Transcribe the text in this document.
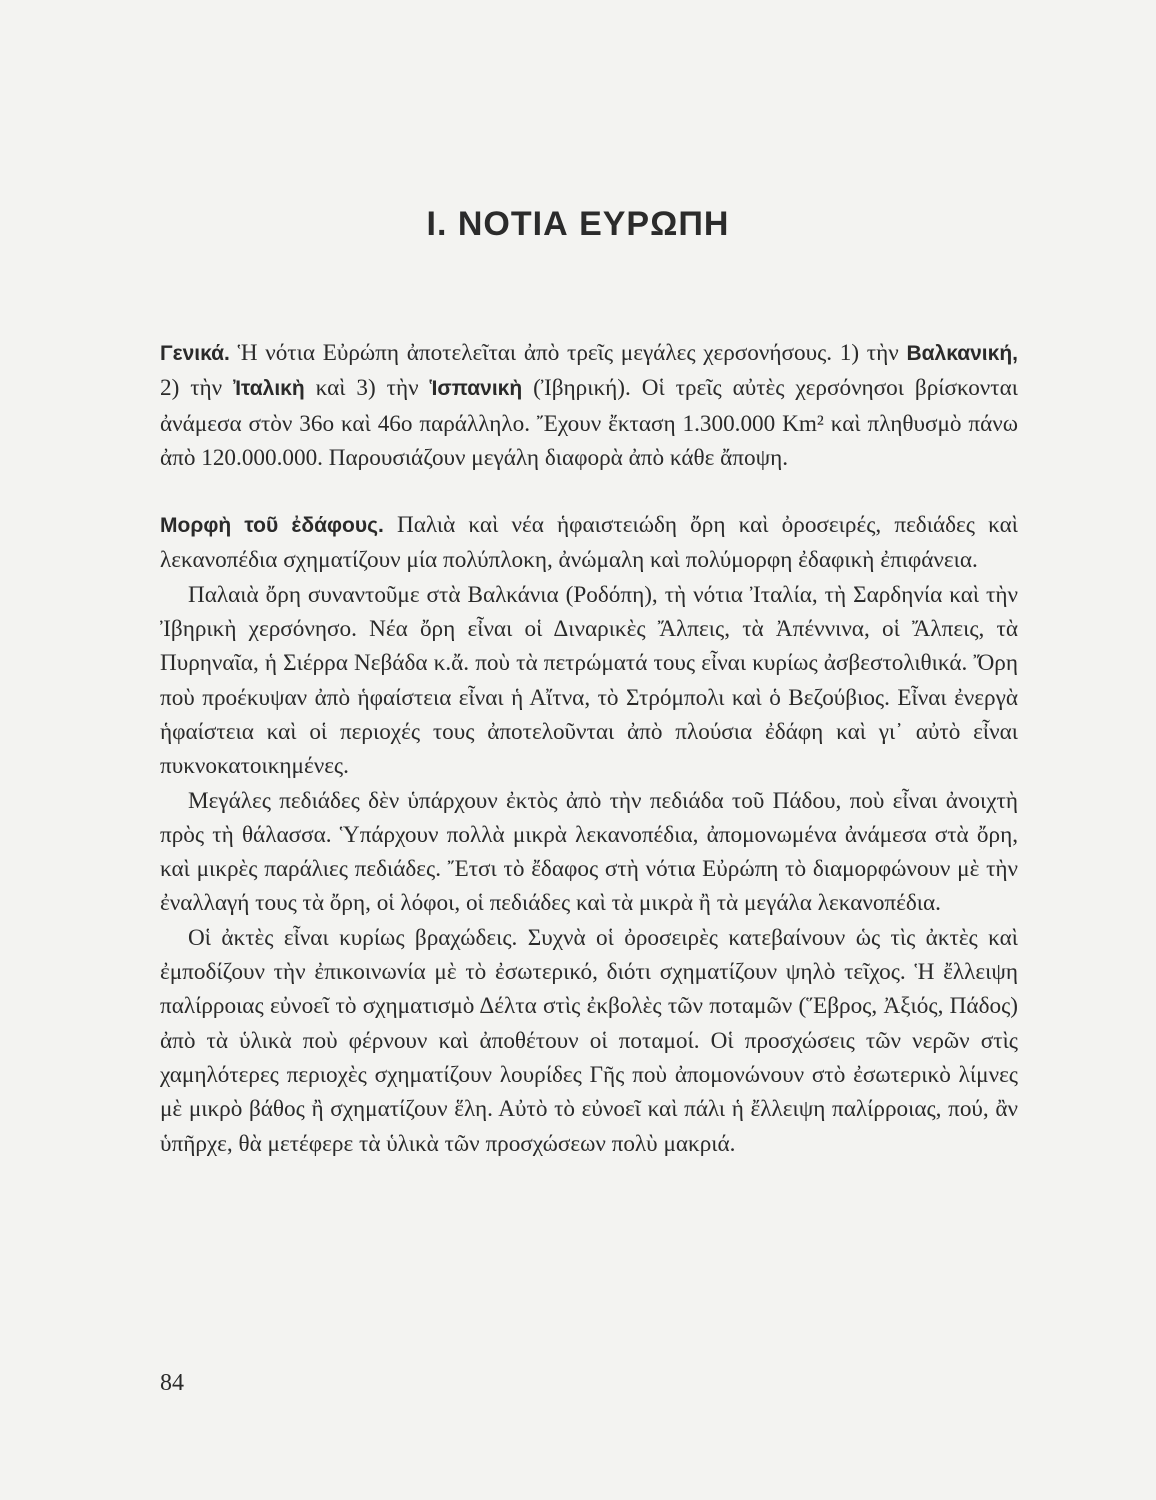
I. ΝΟΤΙΑ ΕΥΡΩΠΗ

Γενικά. Ἡ νότια Εὐρώπη ἀποτελεῖται ἀπὸ τρεῖς μεγάλες χερσονήσους. 1) τὴν Βαλκανική, 2) τὴν Ἰταλικὴ καὶ 3) τὴν Ἱσπανικὴ (Ἰβηρική). Οἱ τρεῖς αὐτὲς χερσόνησοι βρίσκονται ἀνάμεσα στὸν 36ο καὶ 46ο παράλληλο. Ἔχουν ἔκταση 1.300.000 Km² καὶ πληθυσμὸ πάνω ἀπὸ 120.000.000. Παρουσιάζουν μεγάλη διαφορὰ ἀπὸ κάθε ἄποψη.

Μορφὴ τοῦ ἐδάφους. Παλιὰ καὶ νέα ἡφαιστειώδη ὄρη καὶ ὀροσειρές, πεδιάδες καὶ λεκανοπέδια σχηματίζουν μία πολύπλοκη, ἀνώμαλη καὶ πολύμορφη ἐδαφικὴ ἐπιφάνεια.

Παλαιὰ ὄρη συναντοῦμε στὰ Βαλκάνια (Ροδόπη), τὴ νότια Ἰταλία, τὴ Σαρδηνία καὶ τὴν Ἰβηρικὴ χερσόνησο. Νέα ὄρη εἶναι οἱ Διναρικὲς Ἄλπεις, τὰ Ἀπέννινα, οἱ Ἄλπεις, τὰ Πυρηναῖα, ἡ Σιέρρα Νεβάδα κ.ἄ. ποὺ τὰ πετρώματά τους εἶναι κυρίως ἀσβεστολιθικά. Ὄρη ποὺ προέκυψαν ἀπὸ ἡφαίστεια εἶναι ἡ Αἴτνα, τὸ Στρόμπολι καὶ ὁ Βεζούβιος. Εἶναι ἐνεργὰ ἡφαίστεια καὶ οἱ περιοχές τους ἀποτελοῦνται ἀπὸ πλούσια ἐδάφη καὶ γι᾽ αὐτὸ εἶναι πυκνοκατοικημένες.

Μεγάλες πεδιάδες δὲν ὑπάρχουν ἐκτὸς ἀπὸ τὴν πεδιάδα τοῦ Πάδου, ποὺ εἶναι ἀνοιχτὴ πρὸς τὴ θάλασσα. Ὑπάρχουν πολλὰ μικρὰ λεκανοπέδια, ἀπομονωμένα ἀνάμεσα στὰ ὄρη, καὶ μικρὲς παράλιες πεδιάδες. Ἔτσι τὸ ἔδαφος στὴ νότια Εὐρώπη τὸ διαμορφώνουν μὲ τὴν ἐναλλαγή τους τὰ ὄρη, οἱ λόφοι, οἱ πεδιάδες καὶ τὰ μικρὰ ἢ τὰ μεγάλα λεκανοπέδια.

Οἱ ἀκτὲς εἶναι κυρίως βραχώδεις. Συχνὰ οἱ ὀροσειρὲς κατεβαίνουν ὡς τὶς ἀκτὲς καὶ ἐμποδίζουν τὴν ἐπικοινωνία μὲ τὸ ἐσωτερικό, διότι σχηματίζουν ψηλὸ τεῖχος. Ἡ ἔλλειψη παλίρροιας εὐνοεῖ τὸ σχηματισμὸ Δέλτα στὶς ἐκβολὲς τῶν ποταμῶν (Ἕβρος, Ἀξιός, Πάδος) ἀπὸ τὰ ὑλικὰ ποὺ φέρνουν καὶ ἀποθέτουν οἱ ποταμοί. Οἱ προσχώσεις τῶν νερῶν στὶς χαμηλότερες περιοχὲς σχηματίζουν λουρίδες Γῆς ποὺ ἀπομονώνουν στὸ ἐσωτερικὸ λίμνες μὲ μικρὸ βάθος ἢ σχηματίζουν ἕλη. Αὐτὸ τὸ εὐνοεῖ καὶ πάλι ἡ ἔλλειψη παλίρροιας, πού, ἂν ὑπῆρχε, θὰ μετέφερε τὰ ὑλικὰ τῶν προσχώσεων πολὺ μακριά.

84
